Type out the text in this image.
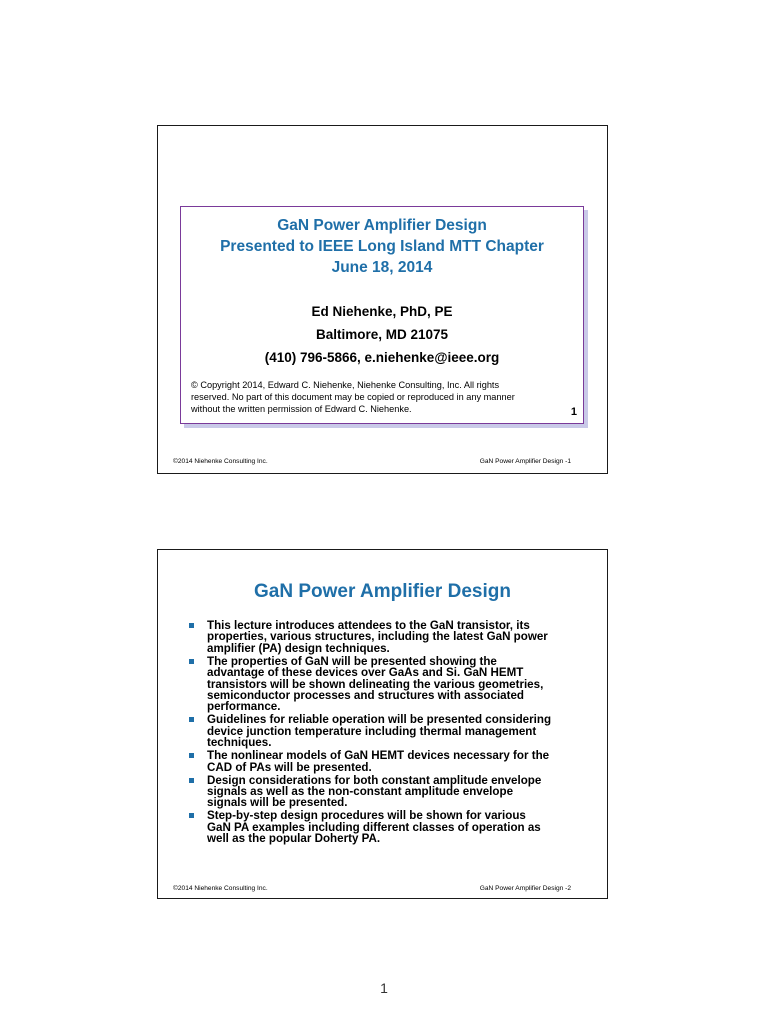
GaN Power Amplifier Design
Presented to IEEE Long Island MTT Chapter
June 18, 2014
Ed Niehenke, PhD, PE
Baltimore, MD 21075
(410) 796-5866, e.niehenke@ieee.org
© Copyright 2014, Edward C. Niehenke, Niehenke Consulting, Inc. All rights
reserved. No part of this document may be copied or reproduced in any manner
without the written permission of Edward C. Niehenke.	1
©2014 Niehenke Consulting Inc.	GaN Power Amplifier Design -1
GaN Power Amplifier Design
This lecture introduces attendees to the GaN transistor, its
properties, various structures, including the latest GaN power
amplifier (PA) design techniques.
The properties of GaN will be presented showing the
advantage of these devices over GaAs and Si. GaN HEMT
transistors will be shown delineating the various geometries,
semiconductor processes and structures with associated
performance.
Guidelines for reliable operation will be presented considering
device junction temperature including thermal management
techniques.
The nonlinear models of GaN HEMT devices necessary for the
CAD of PAs will be presented.
Design considerations for both constant amplitude envelope
signals as well as the non-constant amplitude envelope
signals will be presented.
Step-by-step design procedures will be shown for various
GaN PA examples including different classes of operation as
well as the popular Doherty PA.
©2014 Niehenke Consulting Inc.	GaN Power Amplifier Design -2
1
